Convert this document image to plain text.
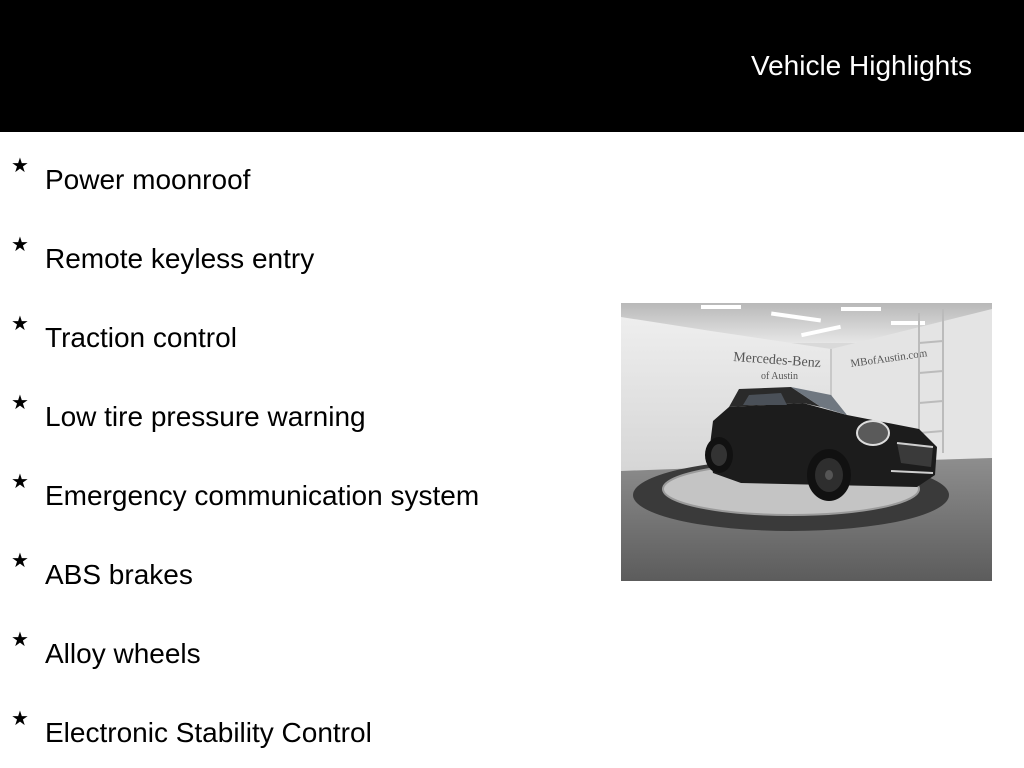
Vehicle Highlights
★ Power moonroof
★ Remote keyless entry
★ Traction control
★ Low tire pressure warning
★ Emergency communication system
★ ABS brakes
★ Alloy wheels
★ Electronic Stability Control
Mercedes-Benz
of Austin
MBofAustin.com
